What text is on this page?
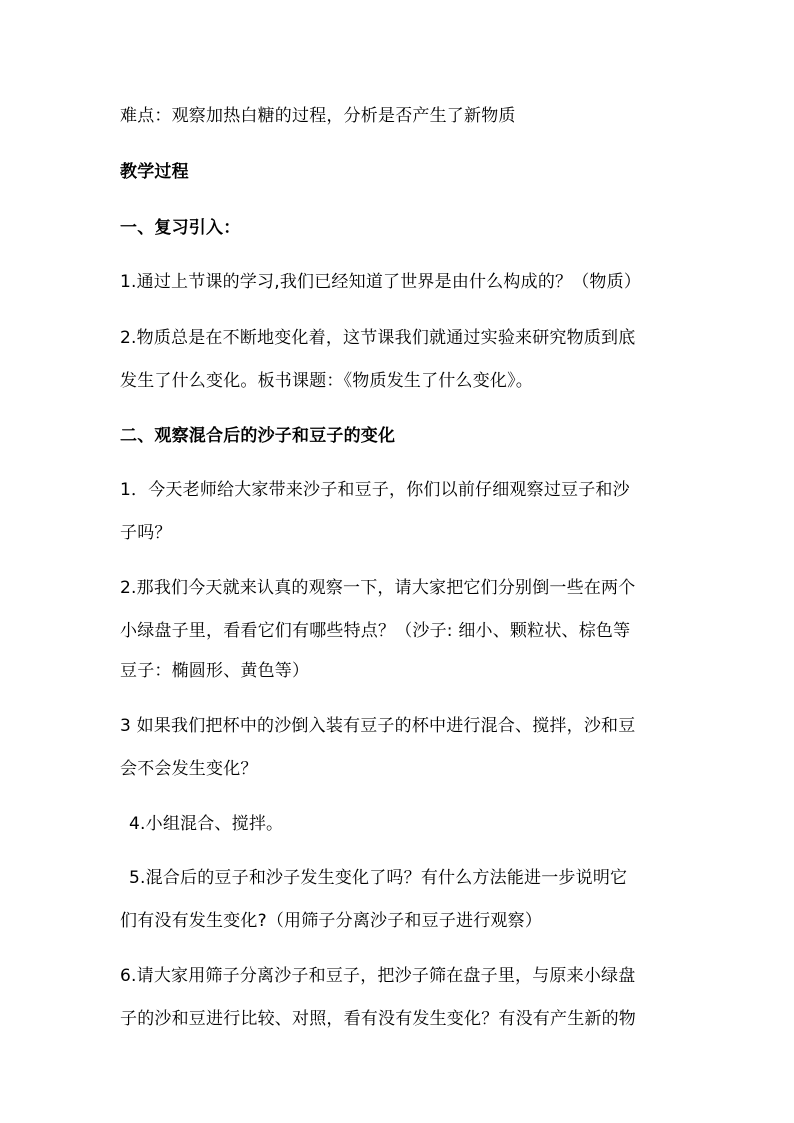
难点：观察加热白糖的过程，分析是否产生了新物质
教学过程
一、复习引入：
1.通过上节课的学习,我们已经知道了世界是由什么构成的？（物质）
2.物质总是在不断地变化着，这节课我们就通过实验来研究物质到底
发生了什么变化。板书课题：《物质发生了什么变化》。
二、观察混合后的沙子和豆子的变化
1．今天老师给大家带来沙子和豆子，你们以前仔细观察过豆子和沙
子吗？
2.那我们今天就来认真的观察一下，请大家把它们分别倒一些在两个
小绿盘子里，看看它们有哪些特点？（沙子: 细小、颗粒状、棕色等
豆子：椭圆形、黄色等）
3 如果我们把杯中的沙倒入装有豆子的杯中进行混合、搅拌，沙和豆
会不会发生变化？
4.小组混合、搅拌。
5.混合后的豆子和沙子发生变化了吗？有什么方法能进一步说明它
们有没有发生变化?（用筛子分离沙子和豆子进行观察）
6.请大家用筛子分离沙子和豆子，把沙子筛在盘子里，与原来小绿盘
子的沙和豆进行比较、对照，看有没有发生变化？有没有产生新的物
